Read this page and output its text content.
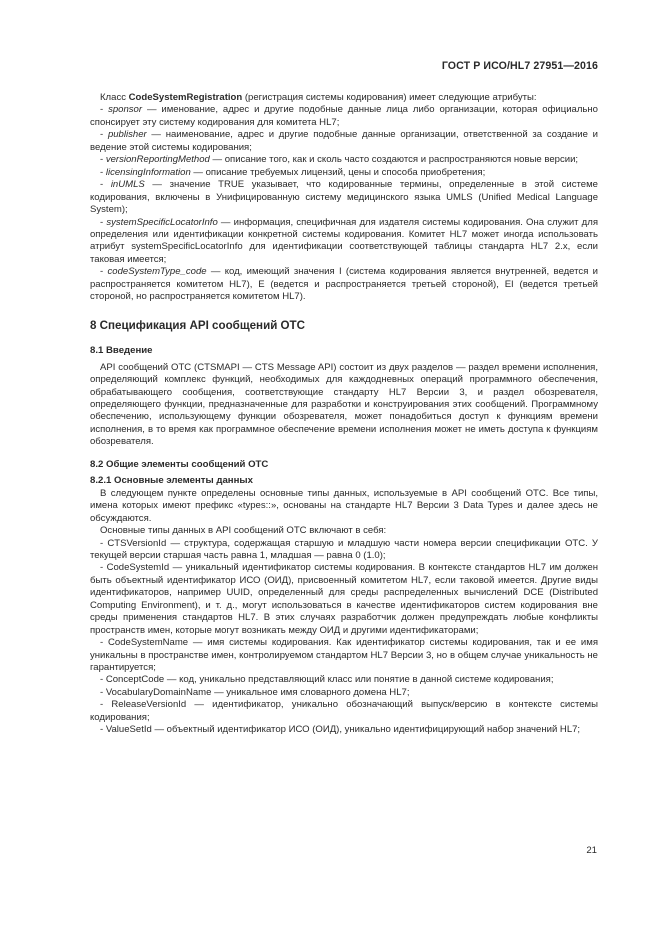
ГОСТ Р ИСО/HL7 27951—2016

Класс CodeSystemRegistration (регистрация системы кодирования) имеет следующие атрибуты:

- sponsor — именование, адрес и другие подобные данные лица либо организации, которая официально спонсирует эту систему кодирования для комитета HL7;

- publisher — наименование, адрес и другие подобные данные организации, ответственной за создание и ведение этой системы кодирования;

- versionReportingMethod — описание того, как и сколь часто создаются и распространяются новые версии;

- licensingInformation — описание требуемых лицензий, цены и способа приобретения;

- inUMLS — значение TRUE указывает, что кодированные термины, определенные в этой системе кодирования, включены в Унифицированную систему медицинского языка UMLS (Unified Medical Language System);

- systemSpecificLocatorInfo — информация, специфичная для издателя системы кодирования. Она служит для определения или идентификации конкретной системы кодирования. Комитет HL7 может иногда использовать атрибут systemSpecificLocatorInfo для идентификации соответствующей таблицы стандарта HL7 2.x, если таковая имеется;

- codeSystemType_code — код, имеющий значения I (система кодирования является внутренней, ведется и распространяется комитетом HL7), E (ведется и распространяется третьей стороной), EI (ведется третьей стороной, но распространяется комитетом HL7).

8 Спецификация API сообщений ОТС
8.1 Введение

API сообщений ОТС (CTSMAPI — CTS Message API) состоит из двух разделов — раздел времени исполнения, определяющий комплекс функций, необходимых для каждодневных операций программного обеспечения, обрабатывающего сообщения, соответствующие стандарту HL7 Версии 3, и раздел обозревателя, определяющего функции, предназначенные для разработки и конструирования этих сообщений. Программному обеспечению, использующему функции обозревателя, может понадобиться доступ к функциям времени исполнения, в то время как программное обеспечение времени исполнения может не иметь доступа к функциям обозревателя.

8.2 Общие элементы сообщений ОТС
8.2.1 Основные элементы данных

В следующем пункте определены основные типы данных, используемые в API сообщений ОТС. Все типы, имена которых имеют префикс «types::», основаны на стандарте HL7 Версии 3 Data Types и далее здесь не обсуждаются.

Основные типы данных в API сообщений ОТС включают в себя:

- CTSVersionId — структура, содержащая старшую и младшую части номера версии спецификации ОТС. У текущей версии старшая часть равна 1, младшая — равна 0 (1.0);

- CodeSystemId — уникальный идентификатор системы кодирования. В контексте стандартов HL7 им должен быть объектный идентификатор ИСО (ОИД), присвоенный комитетом HL7, если таковой имеется. Другие виды идентификаторов, например UUID, определенный для среды распределенных вычислений DCE (Distributed Computing Environment), и т. д., могут использоваться в качестве идентификаторов систем кодирования вне среды применения стандартов HL7. В этих случаях разработчик должен предупреждать любые конфликты пространств имен, которые могут возникать между ОИД и другими идентификаторами;

- CodeSystemName — имя системы кодирования. Как идентификатор системы кодирования, так и ее имя уникальны в пространстве имен, контролируемом стандартом HL7 Версии 3, но в общем случае уникальность не гарантируется;

- ConceptCode — код, уникально представляющий класс или понятие в данной системе кодирования;

- VocabularyDomainName — уникальное имя словарного домена HL7;

- ReleaseVersionId — идентификатор, уникально обозначающий выпуск/версию в контексте системы кодирования;

- ValueSetId — объектный идентификатор ИСО (ОИД), уникально идентифицирующий набор значений HL7;

21
